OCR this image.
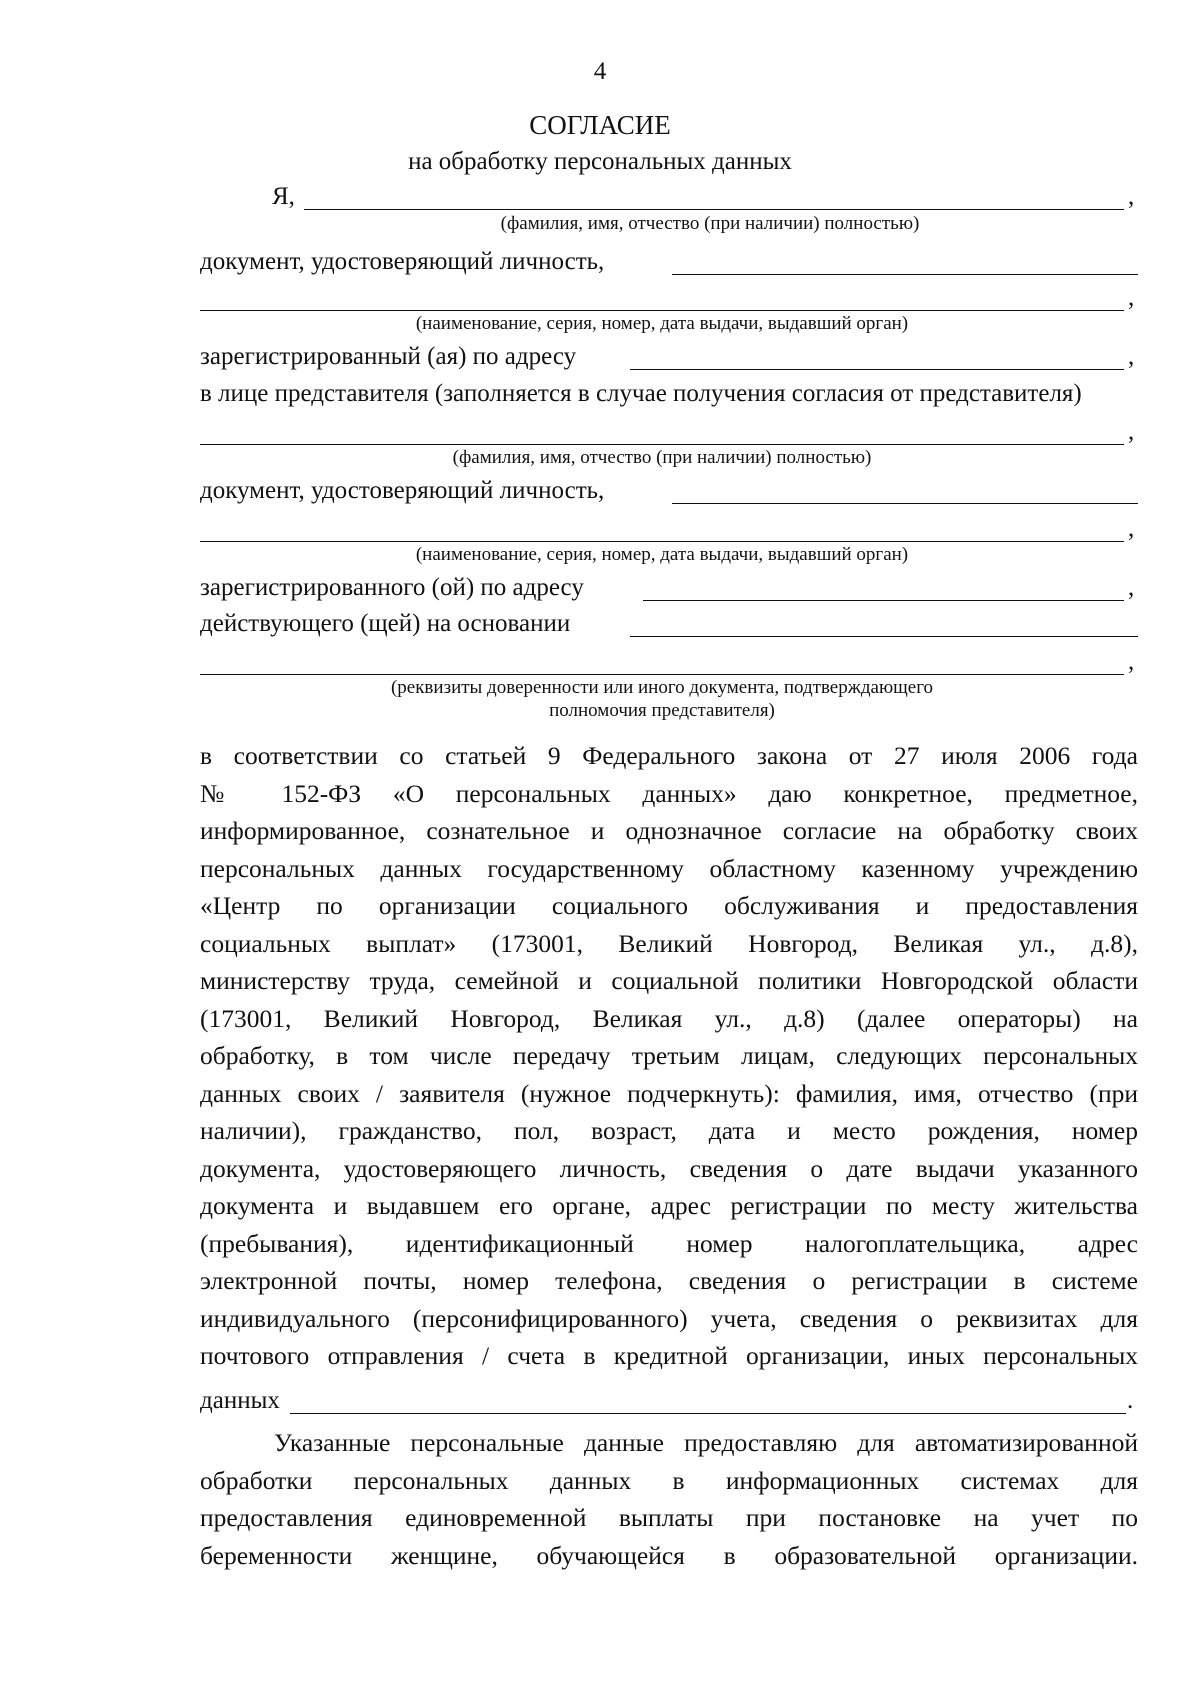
4
СОГЛАСИЕ
на обработку персональных данных
Я,	,
(фамилия, имя, отчество (при наличии) полностью)
документ, удостоверяющий личность,
,
(наименование, серия, номер, дата выдачи, выдавший орган)
зарегистрированный (ая) по адресу	,
в лице представителя (заполняется в случае получения согласия от представителя)
,
(фамилия, имя, отчество (при наличии) полностью)
документ, удостоверяющий личность,
,
(наименование, серия, номер, дата выдачи, выдавший орган)
зарегистрированного (ой) по адресу	,
действующего (щей) на основании
,
(реквизиты доверенности или иного документа, подтверждающего
полномочия представителя)
в соответствии со статьей 9 Федерального закона от 27 июля 2006 года
№ 152-ФЗ «О персональных данных» даю конкретное, предметное,
информированное, сознательное и однозначное согласие на обработку своих
персональных данных государственному областному казенному учреждению
«Центр по организации социального обслуживания и предоставления
социальных выплат» (173001, Великий Новгород, Великая ул., д.8),
министерству труда, семейной и социальной политики Новгородской области
(173001, Великий Новгород, Великая ул., д.8) (далее операторы) на
обработку, в том числе передачу третьим лицам, следующих персональных
данных своих / заявителя (нужное подчеркнуть): фамилия, имя, отчество (при
наличии), гражданство, пол, возраст, дата и место рождения, номер
документа, удостоверяющего личность, сведения о дате выдачи указанного
документа и выдавшем его органе, адрес регистрации по месту жительства
(пребывания), идентификационный номер налогоплательщика, адрес
электронной почты, номер телефона, сведения о регистрации в системе
индивидуального (персонифицированного) учета, сведения о реквизитах для
почтового отправления / счета в кредитной организации, иных персональных
данных	.
Указанные персональные данные предоставляю для автоматизированной
обработки персональных данных в информационных системах для
предоставления единовременной выплаты при постановке на учет по
беременности женщине, обучающейся в образовательной организации.
